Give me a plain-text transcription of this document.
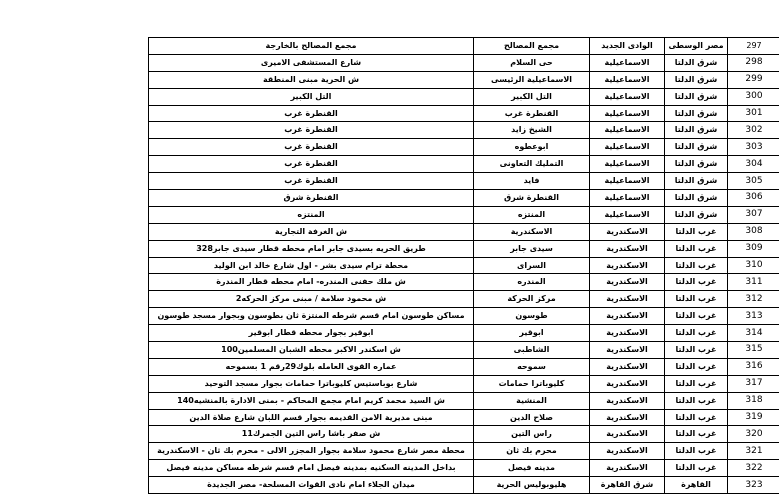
مجمع المصالح بالخارجة	مجمع المصالح	الوادى الجديد	مصر الوسطى	297
شارع المستشفى الاميرى	حى السلام	الاسماعيلية	شرق الدلتا	298
ش الحرية مبنى المنطقة	الاسماعيلية الرئيسى	الاسماعيلية	شرق الدلتا	299
التل الكبير	التل الكبير	الاسماعيلية	شرق الدلتا	300
القنطرة غرب	القنطرة غرب	الاسماعيلية	شرق الدلتا	301
القنطرة غرب	الشيخ زايد	الاسماعيلية	شرق الدلتا	302
القنطرة غرب	ابوعطوه	الاسماعيلية	شرق الدلتا	303
القنطرة غرب	التمليك التعاونى	الاسماعيلية	شرق الدلتا	304
القنطرة غرب	فايد	الاسماعيلية	شرق الدلتا	305
القنطرة شرق	القنطرة شرق	الاسماعيلية	شرق الدلتا	306
المنتزه	المنتزه	الاسماعيلية	شرق الدلتا	307
ش الغرفة التجارية	الاسكندرية	الاسكندرية	غرب الدلتا	308
328طريق الحريه بسيدى جابر امام محطه قطار سيدى جابر	سيدى جابر	الاسكندرية	غرب الدلتا	309
محطة ترام سيدى بشر - اول شارع خالد ابن الوليد	السراى	الاسكندرية	غرب الدلتا	310
ش ملك حفنى المندره- امام محطه قطار المندرة	المندره	الاسكندرية	غرب الدلتا	311
2ش محمود سلامة / مبنى مركز الحركه	مركز الحركة	الاسكندرية	غرب الدلتا	312
مساكن طوسون امام قسم شرطه المنتزة ثان بطوسون وبجوار مسجد طوسون	طوسون	الاسكندرية	غرب الدلتا	313
ابوقير بجوار محطه قطار ابوقير	ابوقير	الاسكندرية	غرب الدلتا	314
100ش اسكندر الاكبر محطه الشبان المسلمين	الشاطبى	الاسكندرية	غرب الدلتا	315
عماره القوى العامله بلوك29رقم 1 بسموحه	سموحه	الاسكندرية	غرب الدلتا	316
شارع بوباستيس كليوباترا حمامات بجوار مسجد التوحيد	كليوباترا حمامات	الاسكندرية	غرب الدلتا	317
140ش السيد محمد كريم امام مجمع المحاكم - بمنى الادارة بالمنشيه	المنشية	الاسكندرية	غرب الدلتا	318
مبنى مديرية الامن القديمه بجوار قسم اللبان شارع صلاة الدين	صلاح الدين	الاسكندرية	غرب الدلتا	319
11ش صفر باشا راس التين الجمرك	راس التين	الاسكندرية	غرب الدلتا	320
محطة مصر شارع محمود سلامة بجوار المجزر الالى - محرم بك ثان - الاسكندرية	محرم بك ثان	الاسكندرية	غرب الدلتا	321
بداخل المدينه السكنيه بمدينه فيصل امام قسم شرطه مساكن مدينه فيصل	مدينه فيصل	الاسكندرية	غرب الدلتا	322
ميدان الجلاء امام نادى القوات المسلحة- مصر الجديدة	هليوبوليس الحرية	شرق القاهرة	القاهرة	323
